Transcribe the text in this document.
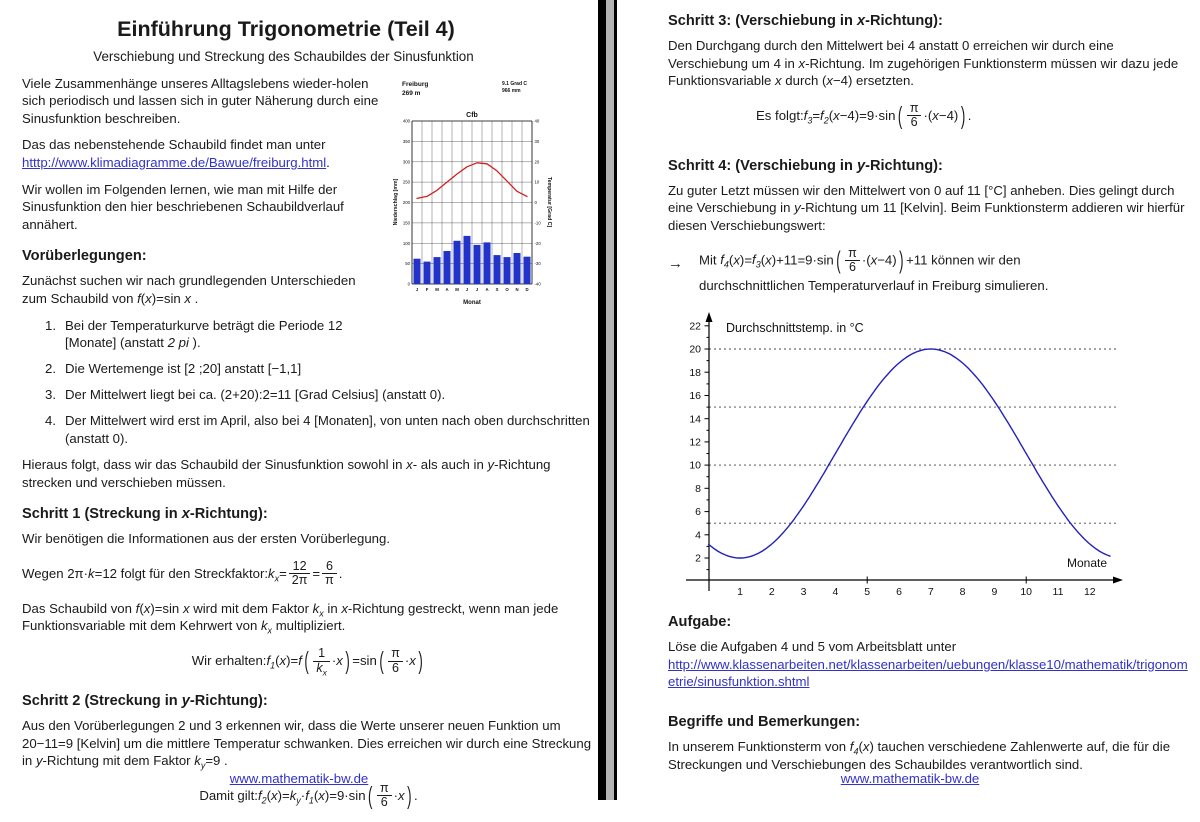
Einführung Trigonometrie (Teil 4)
Verschiebung und Streckung des Schaubildes der Sinusfunktion
Freiburg
269 m
9.1 Grad C
966 mm
Cfb
0
50
100
150
200
250
300
350
400
-40
-30
-20
-10
0
10
20
30
40
J F M A M J J A S O N D
Monat
Niederschlag [mm]	Temperatur [Grad C]

Viele Zusammenhänge unseres Alltagslebens wieder-holen sich periodisch und lassen sich in guter Näherung durch eine Sinusfunktion beschreiben.

Das das nebenstehende Schaubild findet man unter htttp://www.klimadiagramme.de/Bawue/freiburg.html.

Wir wollen im Folgenden lernen, wie man mit Hilfe der Sinusfunktion den hier beschriebenen Schaubildverlauf annähert.

Vorüberlegungen:

Zunächst suchen wir nach grundlegenden Unterschieden zum Schaubild von f(x)=sin x .

1. Bei der Temperaturkurve beträgt die Periode 12 [Monate] (anstatt 2 pi ).
2. Die Wertemenge ist [2 ;20] anstatt [−1,1]
3. Der Mittelwert liegt bei ca. (2+20):2=11 [Grad Celsius] (anstatt 0).
4. Der Mittelwert wird erst im April, also bei 4 [Monaten], von unten nach oben durchschritten (anstatt 0).

Hieraus folgt, dass wir das Schaubild der Sinusfunktion sowohl in x- als auch in y-Richtung strecken und verschieben müssen.

Schritt 1 (Streckung in x-Richtung):

Wir benötigen die Informationen aus der ersten Vorüberlegung.

Wegen 2π· k =12 folgt für den Streckfaktor: $k_x = \frac{12}{2\pi} = \frac{6}{\pi}$ .

Das Schaubild von f(x)=sin x wird mit dem Faktor $k_x$ in x-Richtung gestreckt, wenn man jede Funktionsvariable mit dem Kehrwert von $k_x$ multipliziert.

Wir erhalten: $f_1$ ( x )= f ( $\frac{1}{k_x} \cdot x$ ) =sin ( $\frac{\pi}{6} \cdot x$ )
Schritt 2 (Streckung in y-Richtung):

Aus den Vorüberlegungen 2 und 3 erkennen wir, dass die Werte unserer neuen Funktion um 20−11=9 [Kelvin] um die mittlere Temperatur schwanken. Dies erreichen wir durch eine Streckung in y-Richtung mit dem Faktor $k_y=9$ .

Damit gilt: $f_2$ ( x )= $k_y \cdot f_1$ ( x )=9·sin ( $\frac{\pi}{6} \cdot x$ ) .
www.mathematik-bw.de
Schritt 3: (Verschiebung in x-Richtung):

Den Durchgang durch den Mittelwert bei 4 anstatt 0 erreichen wir durch eine Verschiebung um 4 in x-Richtung. Im zugehörigen Funktionsterm müssen wir dazu jede Funktionsvariable x durch (x−4) ersetzten.

Es folgt: $f_3 = f_2$ ( x −4)=9·sin ( $\frac{\pi}{6}$ ·( x −4) ) .
Schritt 4: (Verschiebung in y-Richtung):

Zu guter Letzt müssen wir den Mittelwert von 0 auf 11 [°C] anheben. Dies gelingt durch eine Verschiebung in y-Richtung um 11 [Kelvin]. Beim Funktionsterm addieren wir hierfür diesen Verschiebungswert:

→ Mit $f_4(x)=f_3(x)+11=9\cdot\sin$ ( $\frac{\pi}{6} \cdot(x-4)$ ) +11 können wir den
durchschnittlichen Temperaturverlauf in Freiburg simulieren.
2
4
6
8
10
12
14
16
18
20
22
1 2 3 4 5 6 7 8 9 10 11 12
Durchschnittstemp. in °C
Monate
Aufgabe:

Löse die Aufgaben 4 und 5 vom Arbeitsblatt unter

http://www.klassenarbeiten.net/klassenarbeiten/uebungen/klasse10/mathematik/trigonometrie/sinusfunktion.shtml

Begriffe und Bemerkungen:

In unserem Funktionsterm von $f_4(x)$ tauchen verschiedene Zahlenwerte auf, die für die Streckungen und Verschiebungen des Schaubildes verantwortlich sind.

www.mathematik-bw.de
